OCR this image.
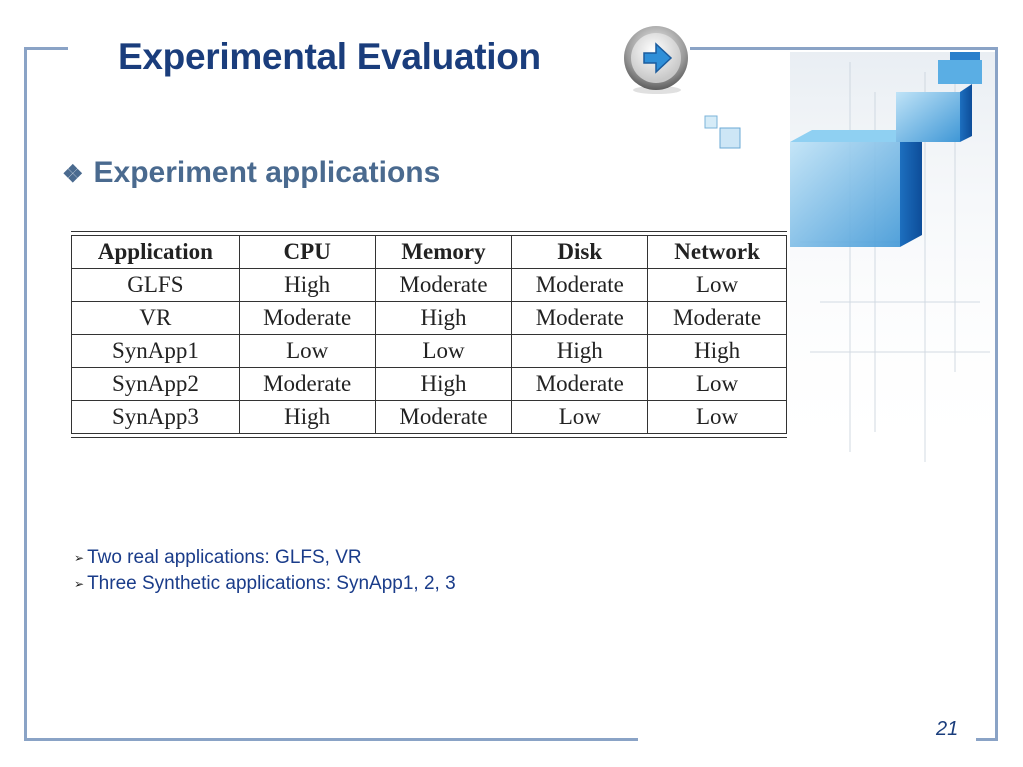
Experimental Evaluation
❖ Experiment applications
Application	CPU	Memory	Disk	Network
GLFS	High	Moderate	Moderate	Low
VR	Moderate	High	Moderate	Moderate
SynApp1	Low	Low	High	High
SynApp2	Moderate	High	Moderate	Low
SynApp3	High	Moderate	Low	Low
➢ Two real applications: GLFS, VR
➢ Three Synthetic applications: SynApp1, 2, 3
21
